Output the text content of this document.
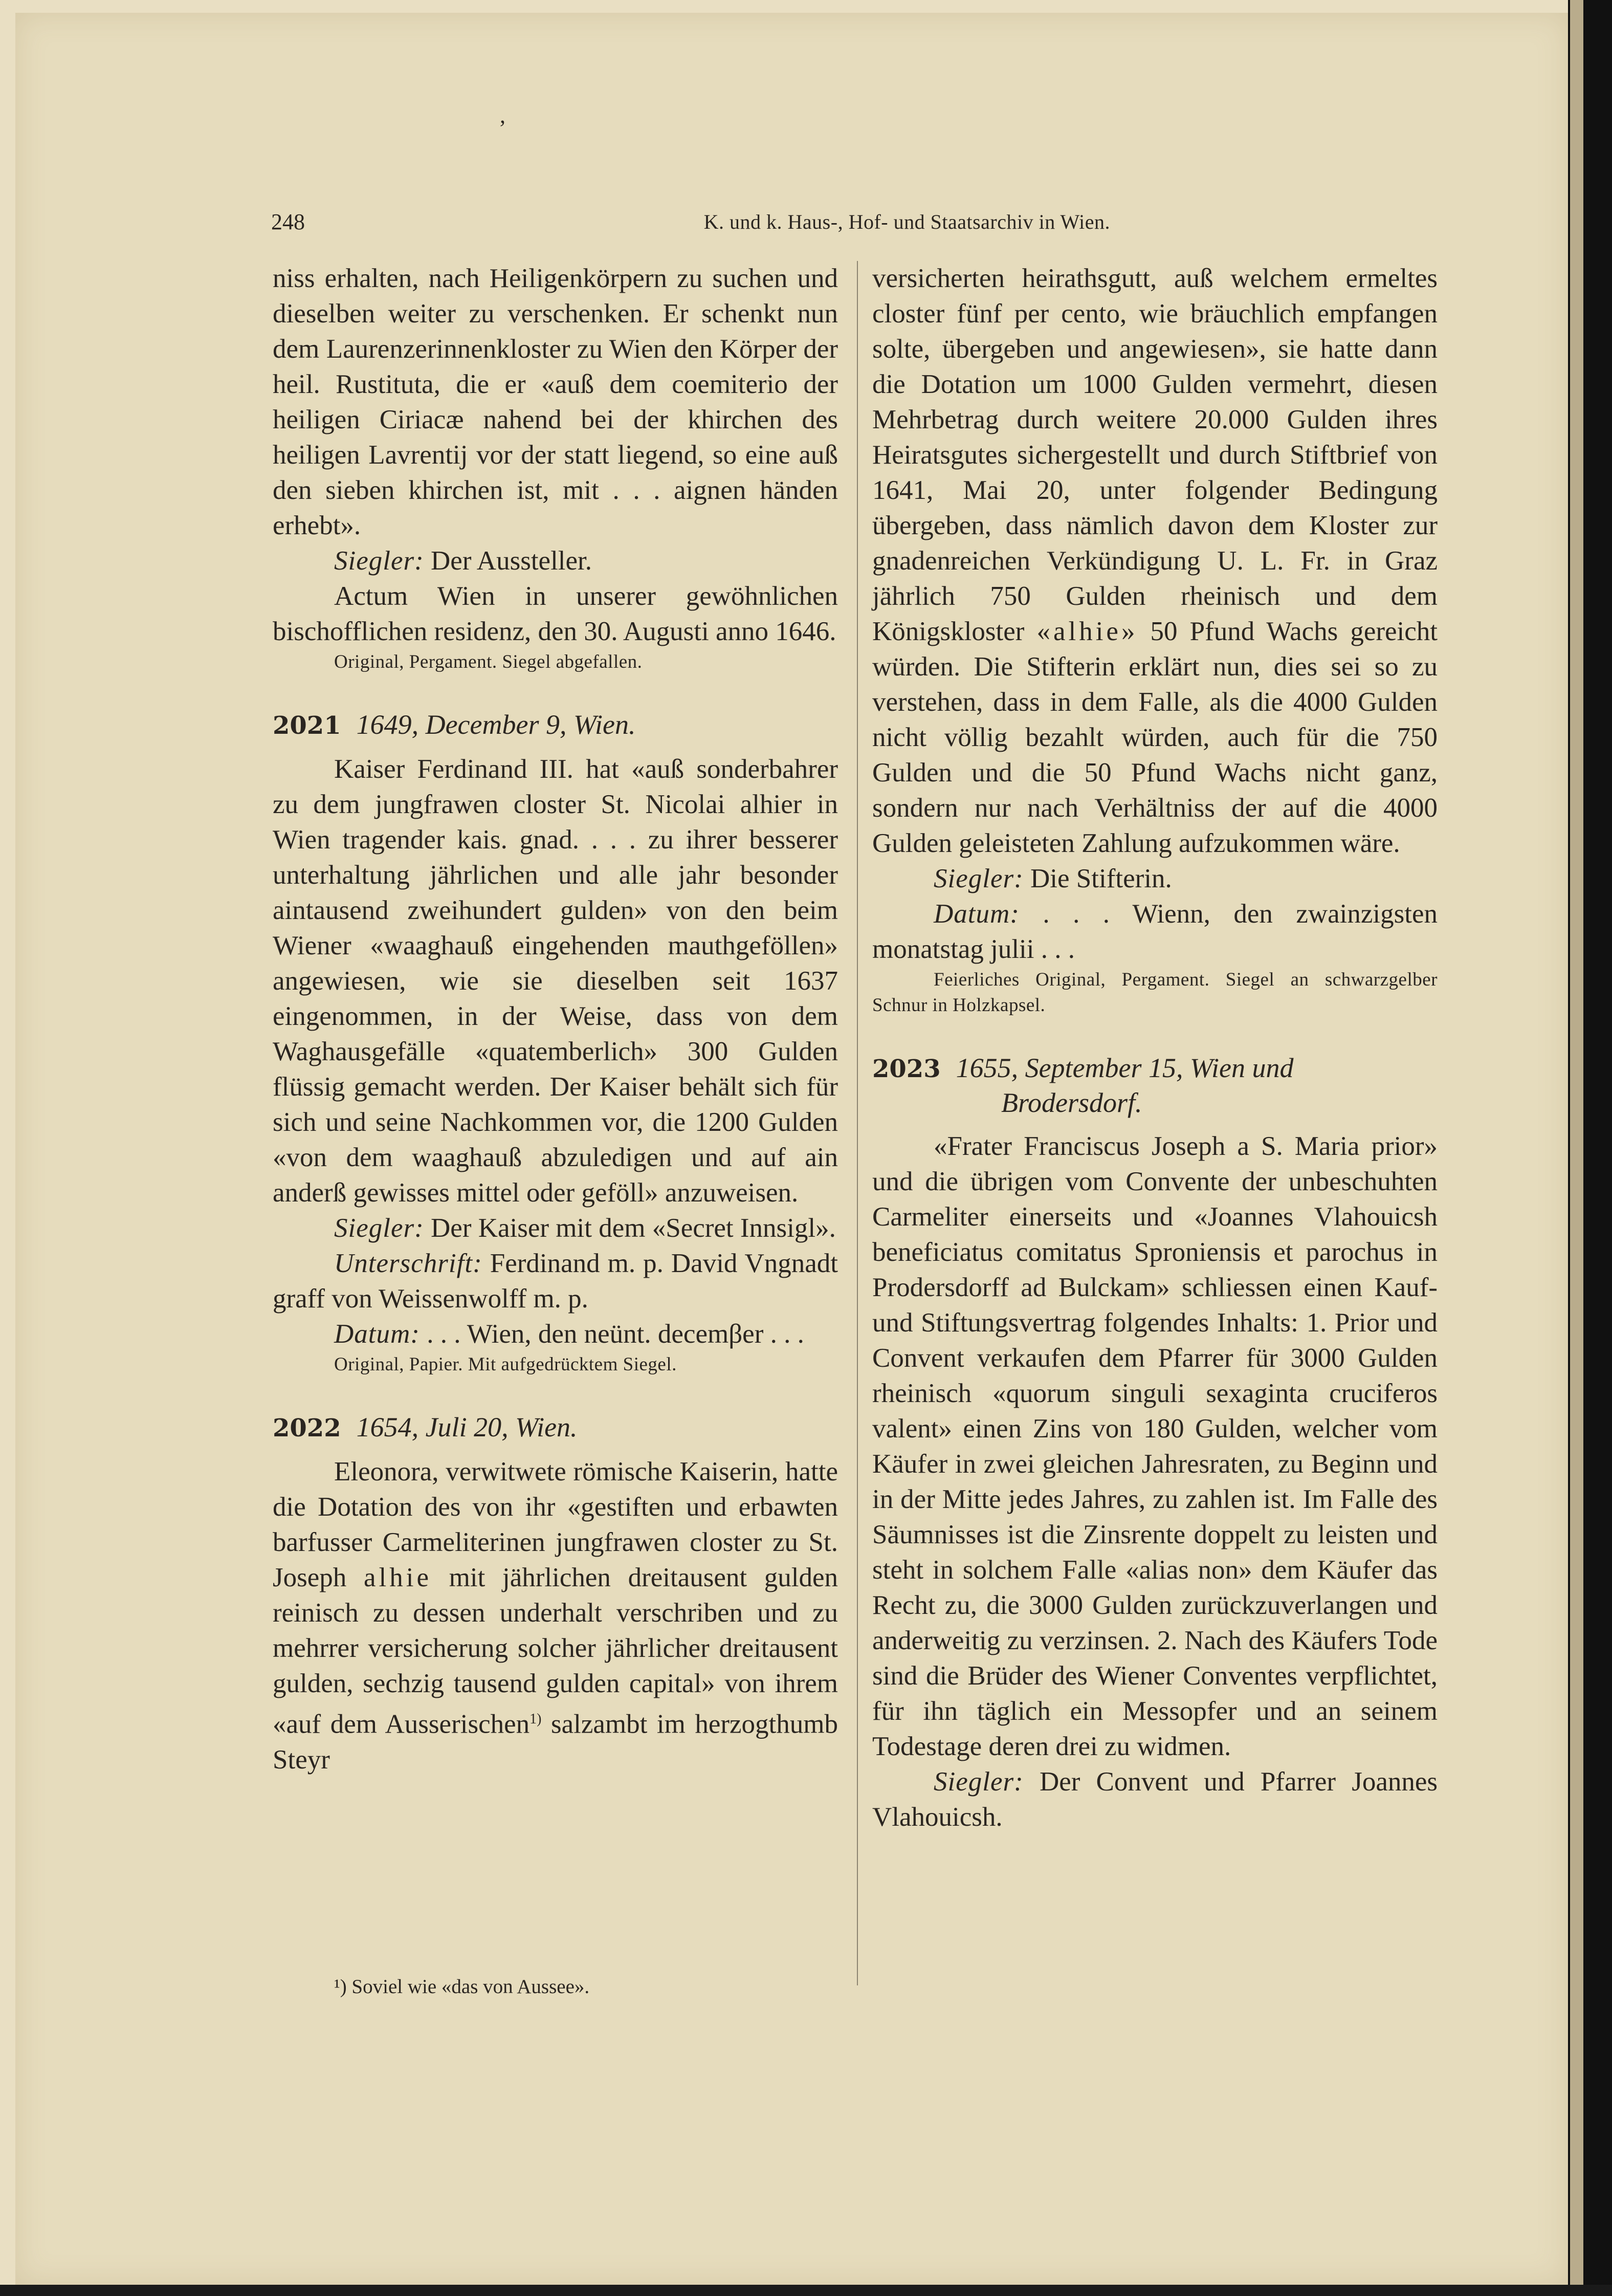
,
248	K. und k. Haus-, Hof- und Staatsarchiv in Wien.

niss erhalten, nach Heiligenkörpern zu suchen und dieselben weiter zu verschenken. Er schenkt nun dem Laurenzerinnenkloster zu Wien den Körper der heil. Rustituta, die er «auß dem coemiterio der heiligen Ciriacæ nahend bei der khirchen des heiligen Lavrentij vor der statt liegend, so eine auß den sieben khirchen ist, mit . . . aignen händen erhebt».

Siegler: Der Aussteller.

Actum Wien in unserer gewöhnlichen bischofflichen residenz, den 30. Augusti anno 1646.

Original, Pergament. Siegel abgefallen.

2021 1649, December 9, Wien.

Kaiser Ferdinand III. hat «auß sonderbahrer zu dem jungfrawen closter St. Nicolai alhier in Wien tragender kais. gnad. . . . zu ihrer besserer unterhaltung jährlichen und alle jahr besonder aintausend zweihundert gulden» von den beim Wiener «waaghauß eingehenden mauthgeföllen» angewiesen, wie sie dieselben seit 1637 eingenommen, in der Weise, dass von dem Waghausgefälle «quatemberlich» 300 Gulden flüssig gemacht werden. Der Kaiser behält sich für sich und seine Nachkommen vor, die 1200 Gulden «von dem waaghauß abzuledigen und auf ain anderß gewisses mittel oder geföll» anzuweisen.

Siegler: Der Kaiser mit dem «Secret Innsigl».

Unterschrift: Ferdinand m. p. David Vngnadt graff von Weissenwolff m. p.

Datum: . . . Wien, den neünt. decemβer . . .

Original, Papier. Mit aufgedrücktem Siegel.

2022 1654, Juli 20, Wien.

Eleonora, verwitwete römische Kaiserin, hatte die Dotation des von ihr «gestiften und erbawten barfusser Carmeliterinen jungfrawen closter zu St. Joseph alhie mit jährlichen dreitausent gulden reinisch zu dessen underhalt verschriben und zu mehrrer versicherung solcher jährlicher dreitausent gulden, sechzig tausend gulden capital» von ihrem «auf dem Ausserischen$^{1)}$ salzambt im herzogthumb Steyr

¹) Soviel wie «das von Aussee».

versicherten heirathsgutt, auß welchem ermeltes closter fünf per cento, wie bräuchlich empfangen solte, übergeben und angewiesen», sie hatte dann die Dotation um 1000 Gulden vermehrt, diesen Mehrbetrag durch weitere 20.000 Gulden ihres Heiratsgutes sichergestellt und durch Stiftbrief von 1641, Mai 20, unter folgender Bedingung übergeben, dass nämlich davon dem Kloster zur gnadenreichen Verkündigung U. L. Fr. in Graz jährlich 750 Gulden rheinisch und dem Königskloster «alhie» 50 Pfund Wachs gereicht würden. Die Stifterin erklärt nun, dies sei so zu verstehen, dass in dem Falle, als die 4000 Gulden nicht völlig bezahlt würden, auch für die 750 Gulden und die 50 Pfund Wachs nicht ganz, sondern nur nach Verhältniss der auf die 4000 Gulden geleisteten Zahlung aufzukommen wäre.

Siegler: Die Stifterin.

Datum: . . . Wienn, den zwainzigsten monatstag julii . . .

Feierliches Original, Pergament. Siegel an schwarzgelber Schnur in Holzkapsel.

2023 1655, September 15, Wien und
Brodersdorf.

«Frater Franciscus Joseph a S. Maria prior» und die übrigen vom Convente der unbeschuhten Carmeliter einerseits und «Joannes Vlahouicsh beneficiatus comitatus Sproniensis et parochus in Prodersdorff ad Bulckam» schliessen einen Kauf- und Stiftungsvertrag folgendes Inhalts: 1. Prior und Convent verkaufen dem Pfarrer für 3000 Gulden rheinisch «quorum singuli sexaginta cruciferos valent» einen Zins von 180 Gulden, welcher vom Käufer in zwei gleichen Jahresraten, zu Beginn und in der Mitte jedes Jahres, zu zahlen ist. Im Falle des Säumnisses ist die Zinsrente doppelt zu leisten und steht in solchem Falle «alias non» dem Käufer das Recht zu, die 3000 Gulden zurückzuverlangen und anderweitig zu verzinsen. 2. Nach des Käufers Tode sind die Brüder des Wiener Conventes verpflichtet, für ihn täglich ein Messopfer und an seinem Todestage deren drei zu widmen.

Siegler: Der Convent und Pfarrer Joannes Vlahouicsh.
